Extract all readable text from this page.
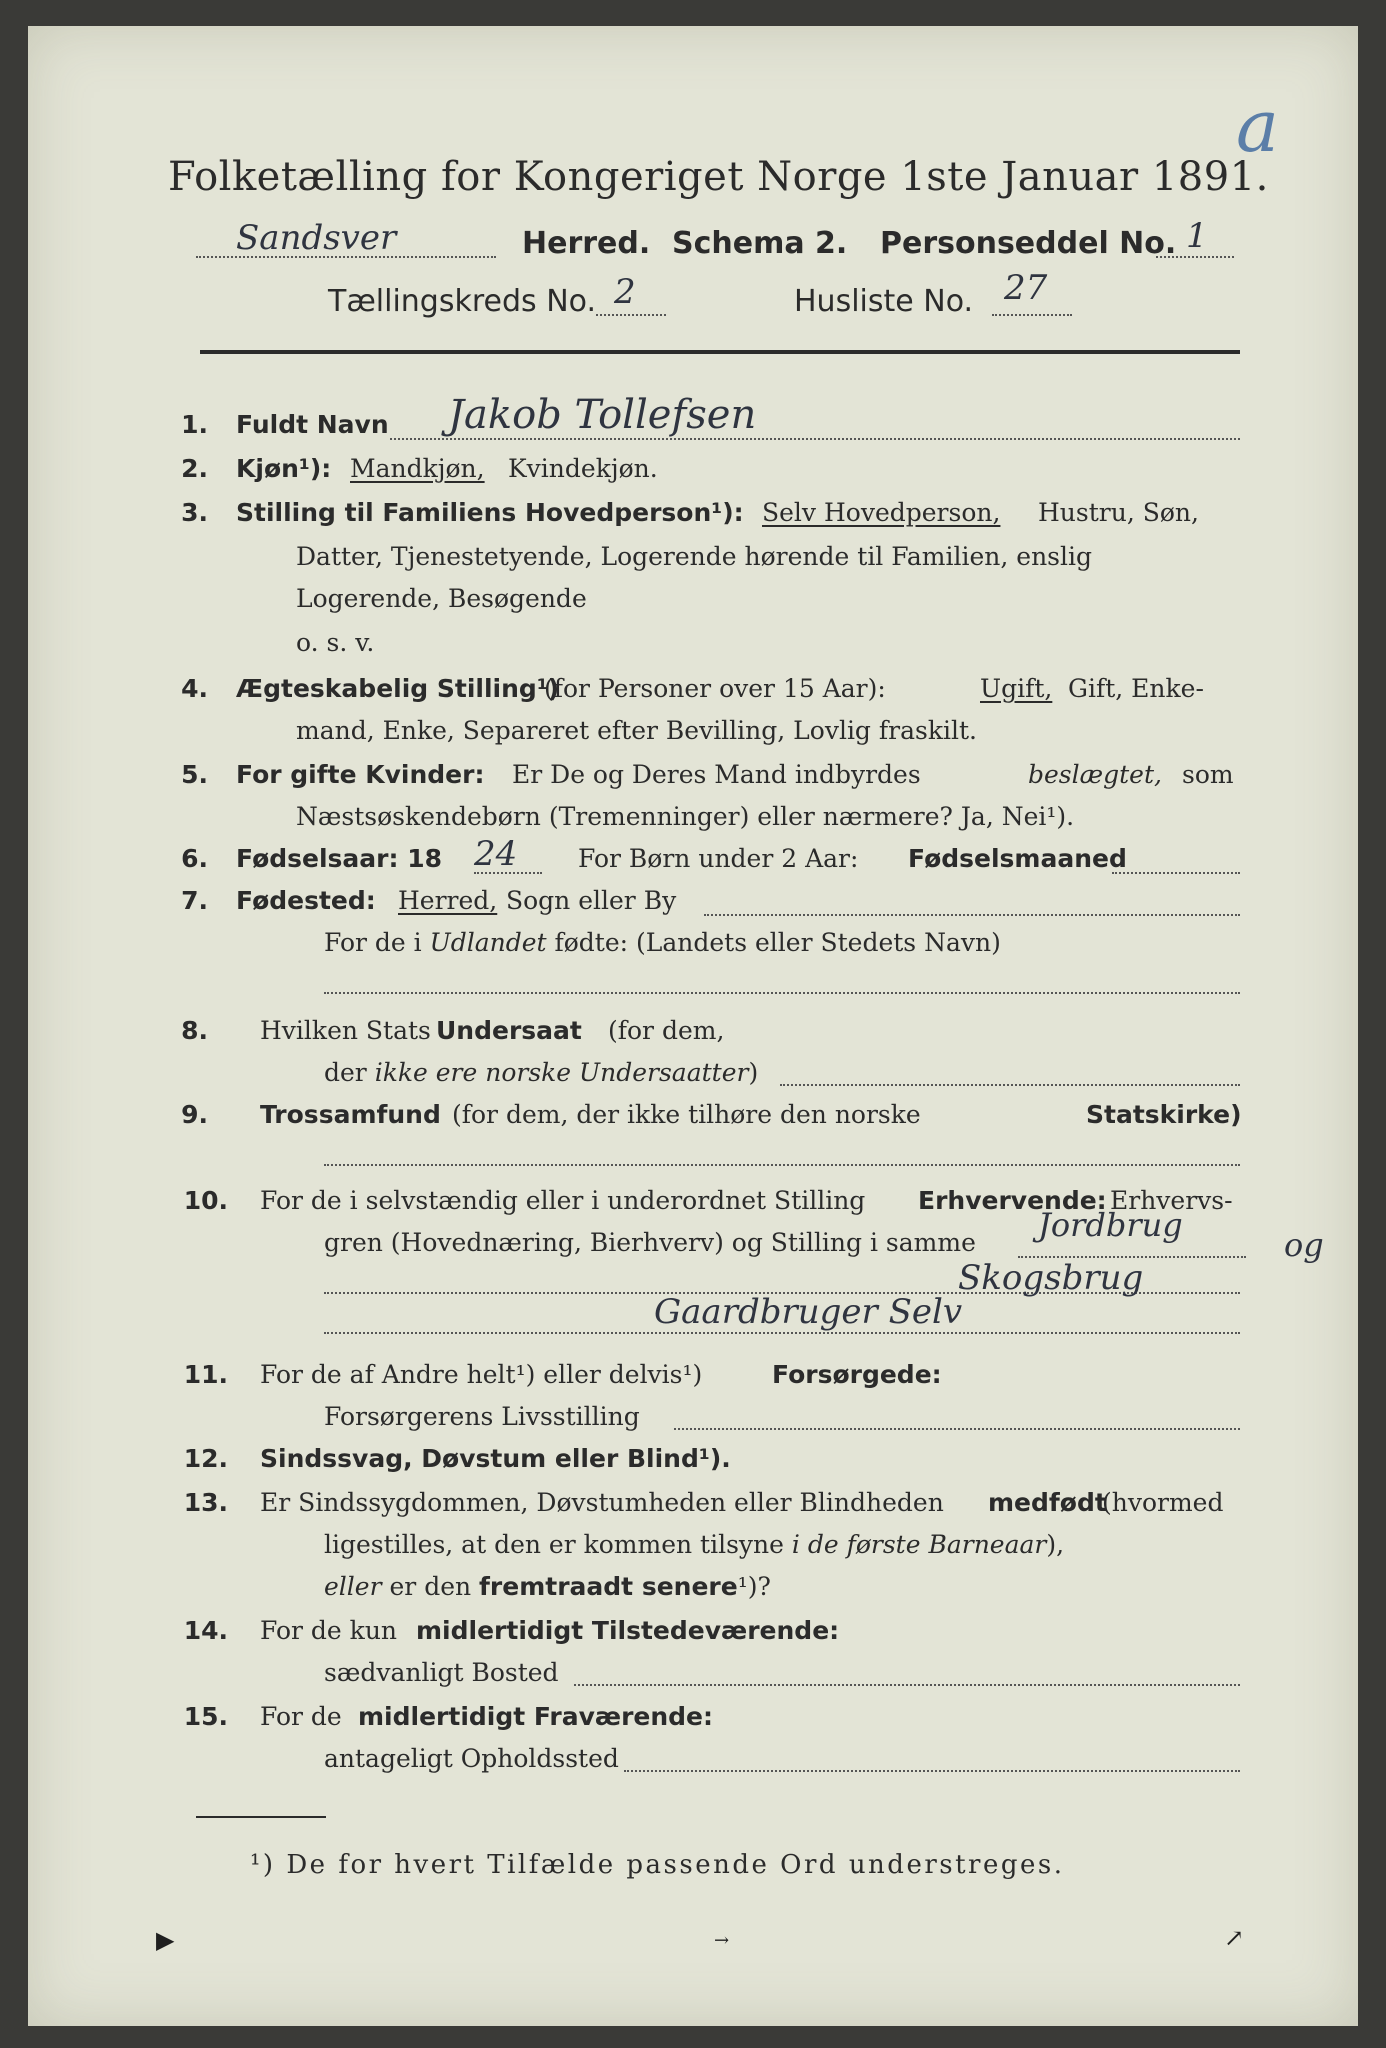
Folketælling for Kongeriget Norge 1ste Januar 1891.
a
Sandsver	Herred. Schema 2. Personseddel No. 1
Tællingskreds No. 2	Husliste No. 27
1. Fuldt Navn Jakob Tollefsen
2. Kjøn¹): Mandkjøn, Kvindekjøn.
3. Stilling til Familiens Hovedperson¹): Selv Hovedperson, Hustru, Søn,
Datter, Tjenestetyende, Logerende hørende til Familien, enslig
Logerende, Besøgende
o. s. v.
4. Ægteskabelig Stilling¹)
(for Personer over 15 Aar):	Ugift, Gift, Enke-
mand, Enke, Separeret efter Bevilling, Lovlig fraskilt.
5. For gifte Kvinder: Er De og Deres Mand indbyrdes	beslægtet, som
Næstsøskendebørn (Tremenninger) eller nærmere? Ja, Nei¹).
6. Fødselsaar: 18 24 For Børn under 2 Aar: Fødselsmaaned
7. Fødested: Herred, Sogn eller By
For de i Udlandet fødte: (Landets eller Stedets Navn)
8. Hvilken Stats Undersaat (for dem,
der ikke ere norske Undersaatter)
9. Trossamfund (for dem, der ikke tilhøre den norske	Statskirke)
10. For de i selvstændig eller i underordnet Stilling Erhvervende: Erhvervs-
gren (Hovednæring, Bierhverv) og Stilling i samme Jordbrug
og
Skogsbrug
Gaardbruger Selv
11. For de af Andre helt¹) eller delvis¹)	Forsørgede:
Forsørgerens Livsstilling
12. Sindssvag, Døvstum eller Blind¹).
13. Er Sindssygdommen, Døvstumheden eller Blindheden medfødt
(hvormed
ligestilles, at den er kommen tilsyne i de første Barneaar),
eller er den fremtraadt senere¹)?
14. For de kun midlertidigt Tilstedeværende:
sædvanligt Bosted
15. For de midlertidigt Fraværende:
antageligt Opholdssted
¹) De for hvert Tilfælde passende Ord understreges.
▶	→	↗
